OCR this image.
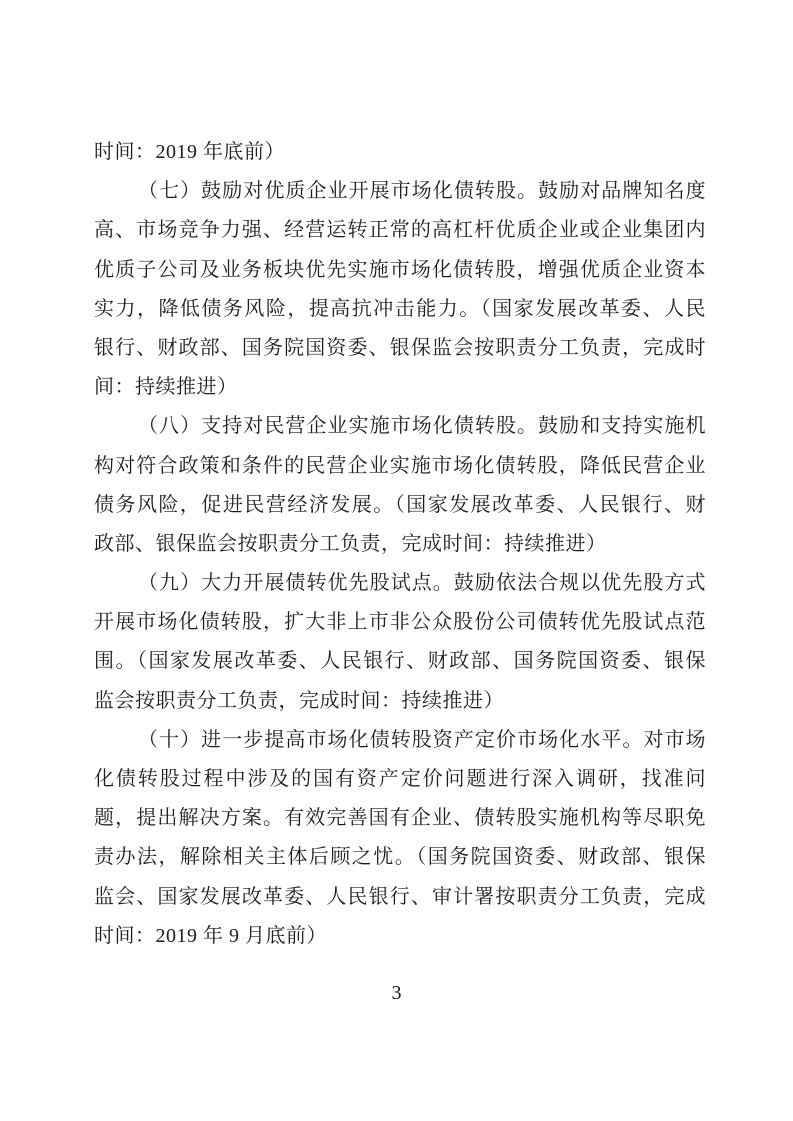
时间：2019 年底前）
（七）鼓励对优质企业开展市场化债转股。鼓励对品牌知名度
高、市场竞争力强、经营运转正常的高杠杆优质企业或企业集团内
优质子公司及业务板块优先实施市场化债转股，增强优质企业资本
实力，降低债务风险，提高抗冲击能力。（国家发展改革委、人民
银行、财政部、国务院国资委、银保监会按职责分工负责，完成时
间：持续推进）
（八）支持对民营企业实施市场化债转股。鼓励和支持实施机
构对符合政策和条件的民营企业实施市场化债转股，降低民营企业
债务风险，促进民营经济发展。（国家发展改革委、人民银行、财
政部、银保监会按职责分工负责，完成时间：持续推进）
（九）大力开展债转优先股试点。鼓励依法合规以优先股方式
开展市场化债转股，扩大非上市非公众股份公司债转优先股试点范
围。（国家发展改革委、人民银行、财政部、国务院国资委、银保
监会按职责分工负责，完成时间：持续推进）
（十）进一步提高市场化债转股资产定价市场化水平。对市场
化债转股过程中涉及的国有资产定价问题进行深入调研，找准问
题，提出解决方案。有效完善国有企业、债转股实施机构等尽职免
责办法，解除相关主体后顾之忧。（国务院国资委、财政部、银保
监会、国家发展改革委、人民银行、审计署按职责分工负责，完成
时间：2019 年 9 月底前）
3
